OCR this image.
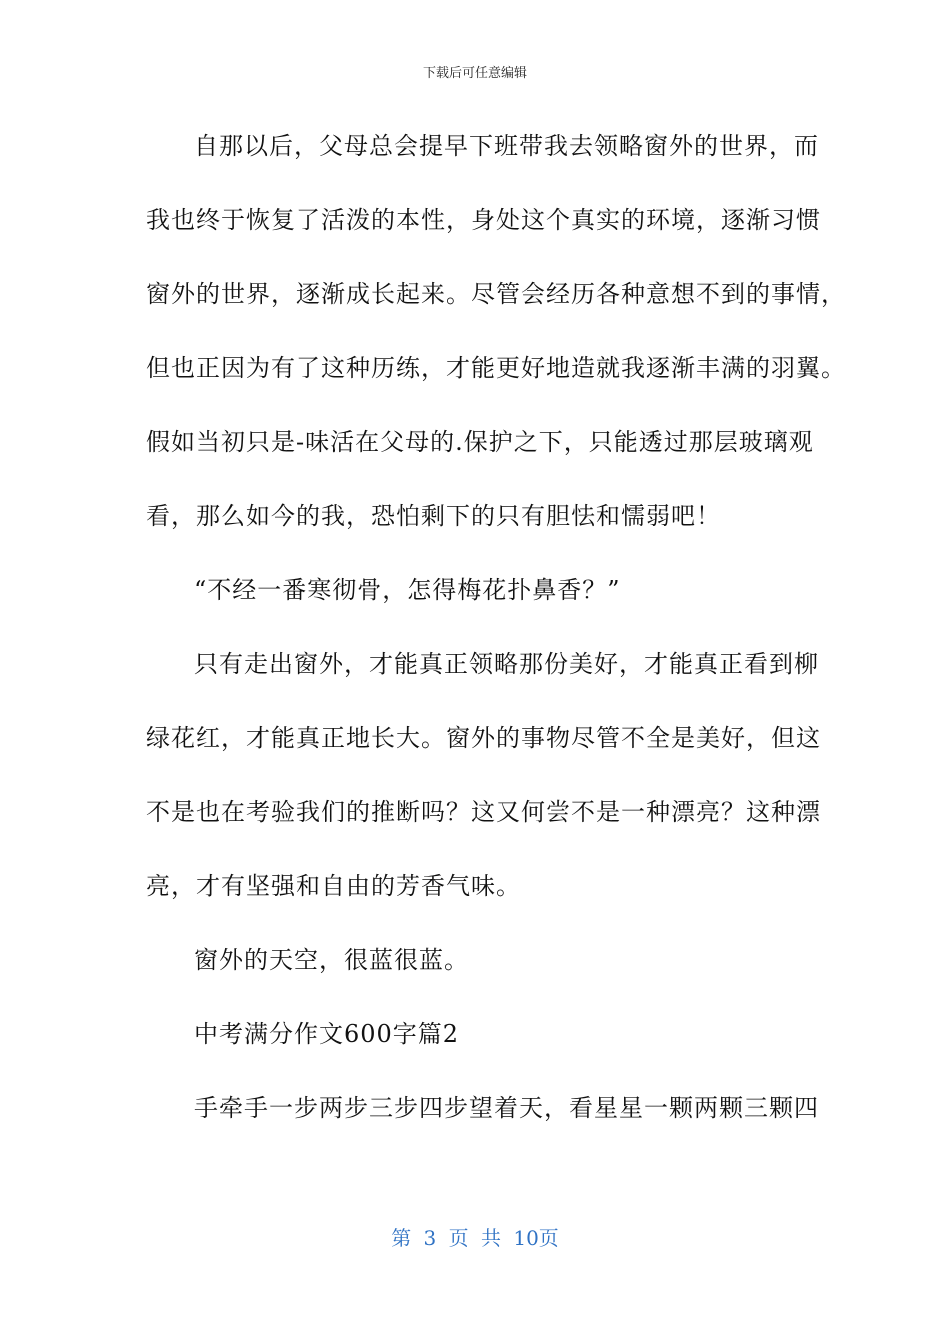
下载后可任意编辑
自那以后，父母总会提早下班带我去领略窗外的世界，而
我也终于恢复了活泼的本性，身处这个真实的环境，逐渐习惯
窗外的世界，逐渐成长起来。尽管会经历各种意想不到的事情，
但也正因为有了这种历练，才能更好地造就我逐渐丰满的羽翼。
假如当初只是-味活在父母的.保护之下，只能透过那层玻璃观
看，那么如今的我，恐怕剩下的只有胆怯和懦弱吧！
“不经一番寒彻骨，怎得梅花扑鼻香？”
只有走出窗外，才能真正领略那份美好，才能真正看到柳
绿花红，才能真正地长大。窗外的事物尽管不全是美好，但这
不是也在考验我们的推断吗？这又何尝不是一种漂亮？这种漂
亮，才有坚强和自由的芳香气味。
窗外的天空，很蓝很蓝。
中考满分作文600字篇2
手牵手一步两步三步四步望着天，看星星一颗两颗三颗四
第 3 页 共 10页
